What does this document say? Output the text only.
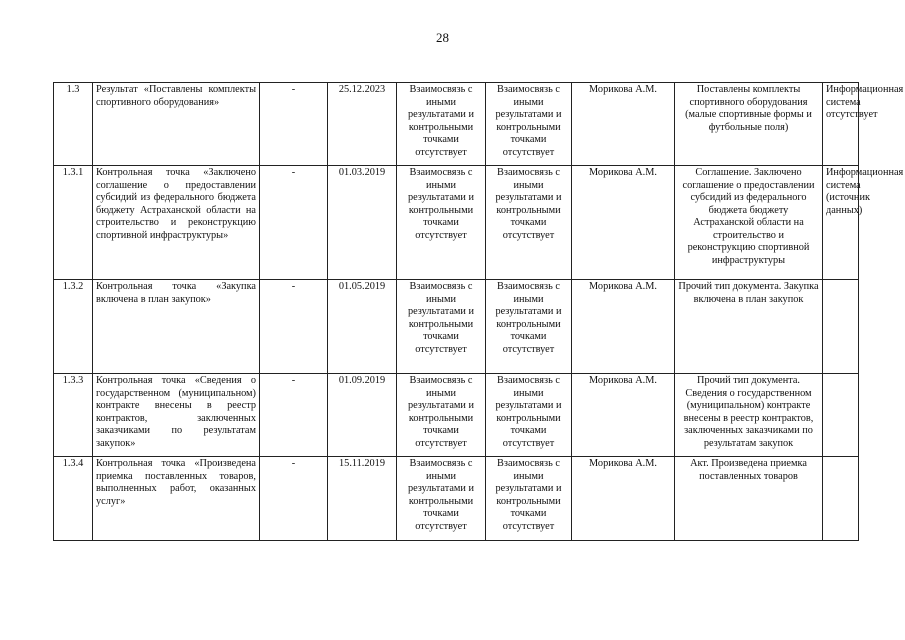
28
1.3	Результат «Поставлены комплекты спортивного оборудования»	-	25.12.2023	Взаимосвязь с иными результатами и контрольными точками отсутствует	Взаимосвязь с иными результатами и контрольными точками отсутствует	Морикова А.М.	Поставлены комплекты спортивного оборудования (малые спортивные формы и футбольные поля)	Информационная система отсутствует
1.3.1	Контрольная точка «Заключено соглашение о предоставлении субсидий из федерального бюджета бюджету Астраханской области на строительство и реконструкцию спортивной инфраструктуры»	-	01.03.2019	Взаимосвязь с иными результатами и контрольными точками отсутствует	Взаимосвязь с иными результатами и контрольными точками отсутствует	Морикова А.М.	Соглашение. Заключено соглашение о предоставлении субсидий из федерального бюджета бюджету Астраханской области на строительство и реконструкцию спортивной инфраструктуры	Информационная система (источник данных)
1.3.2	Контрольная точка «Закупка включена в план закупок»	-	01.05.2019	Взаимосвязь с иными результатами и контрольными точками отсутствует	Взаимосвязь с иными результатами и контрольными точками отсутствует	Морикова А.М.	Прочий тип документа. Закупка включена в план закупок	
1.3.3	Контрольная точка «Сведения о государственном (муниципальном) контракте внесены в реестр контрактов, заключенных заказчиками по результатам закупок»	-	01.09.2019	Взаимосвязь с иными результатами и контрольными точками отсутствует	Взаимосвязь с иными результатами и контрольными точками отсутствует	Морикова А.М.	Прочий тип документа. Сведения о государственном (муниципальном) контракте внесены в реестр контрактов, заключенных заказчиками по результатам закупок	
1.3.4	Контрольная точка «Произведена приемка поставленных товаров, выполненных работ, оказанных услуг»	-	15.11.2019	Взаимосвязь с иными результатами и контрольными точками отсутствует	Взаимосвязь с иными результатами и контрольными точками отсутствует	Морикова А.М.	Акт. Произведена приемка поставленных товаров	
